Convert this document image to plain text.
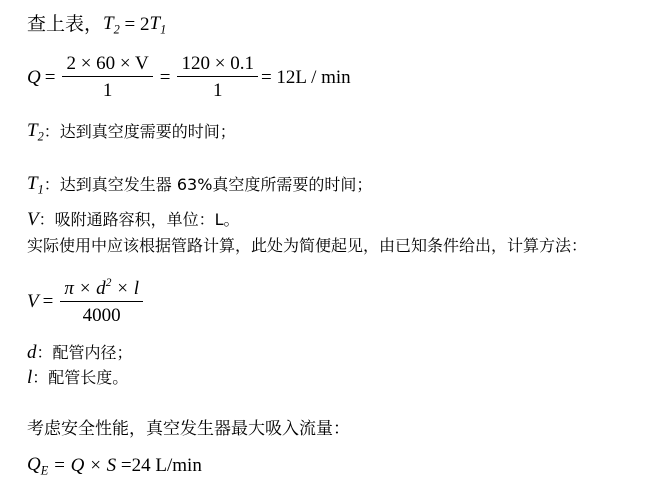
查上表， $T_2 = 2$ $T_1$
$Q = \frac{2 \times 60 \times V}{1} = \frac{120 \times 0.1}{1} = 12L / \min$
$T_2$ ：达到真空度需要的时间；
$T_1$ ：达到真空发生器 63%真空度所需要的时间；
V ：吸附通路容积，单位：L。
实际使用中应该根据管路计算，此处为简便起见，由已知条件给出，计算方法：
$V = \frac{\pi \times d^2 \times l}{4000}$
d ：配管内径；
l ：配管长度。
考虑安全性能，真空发生器最大吸入流量：
$Q_E = Q \times S =24$ L/min
